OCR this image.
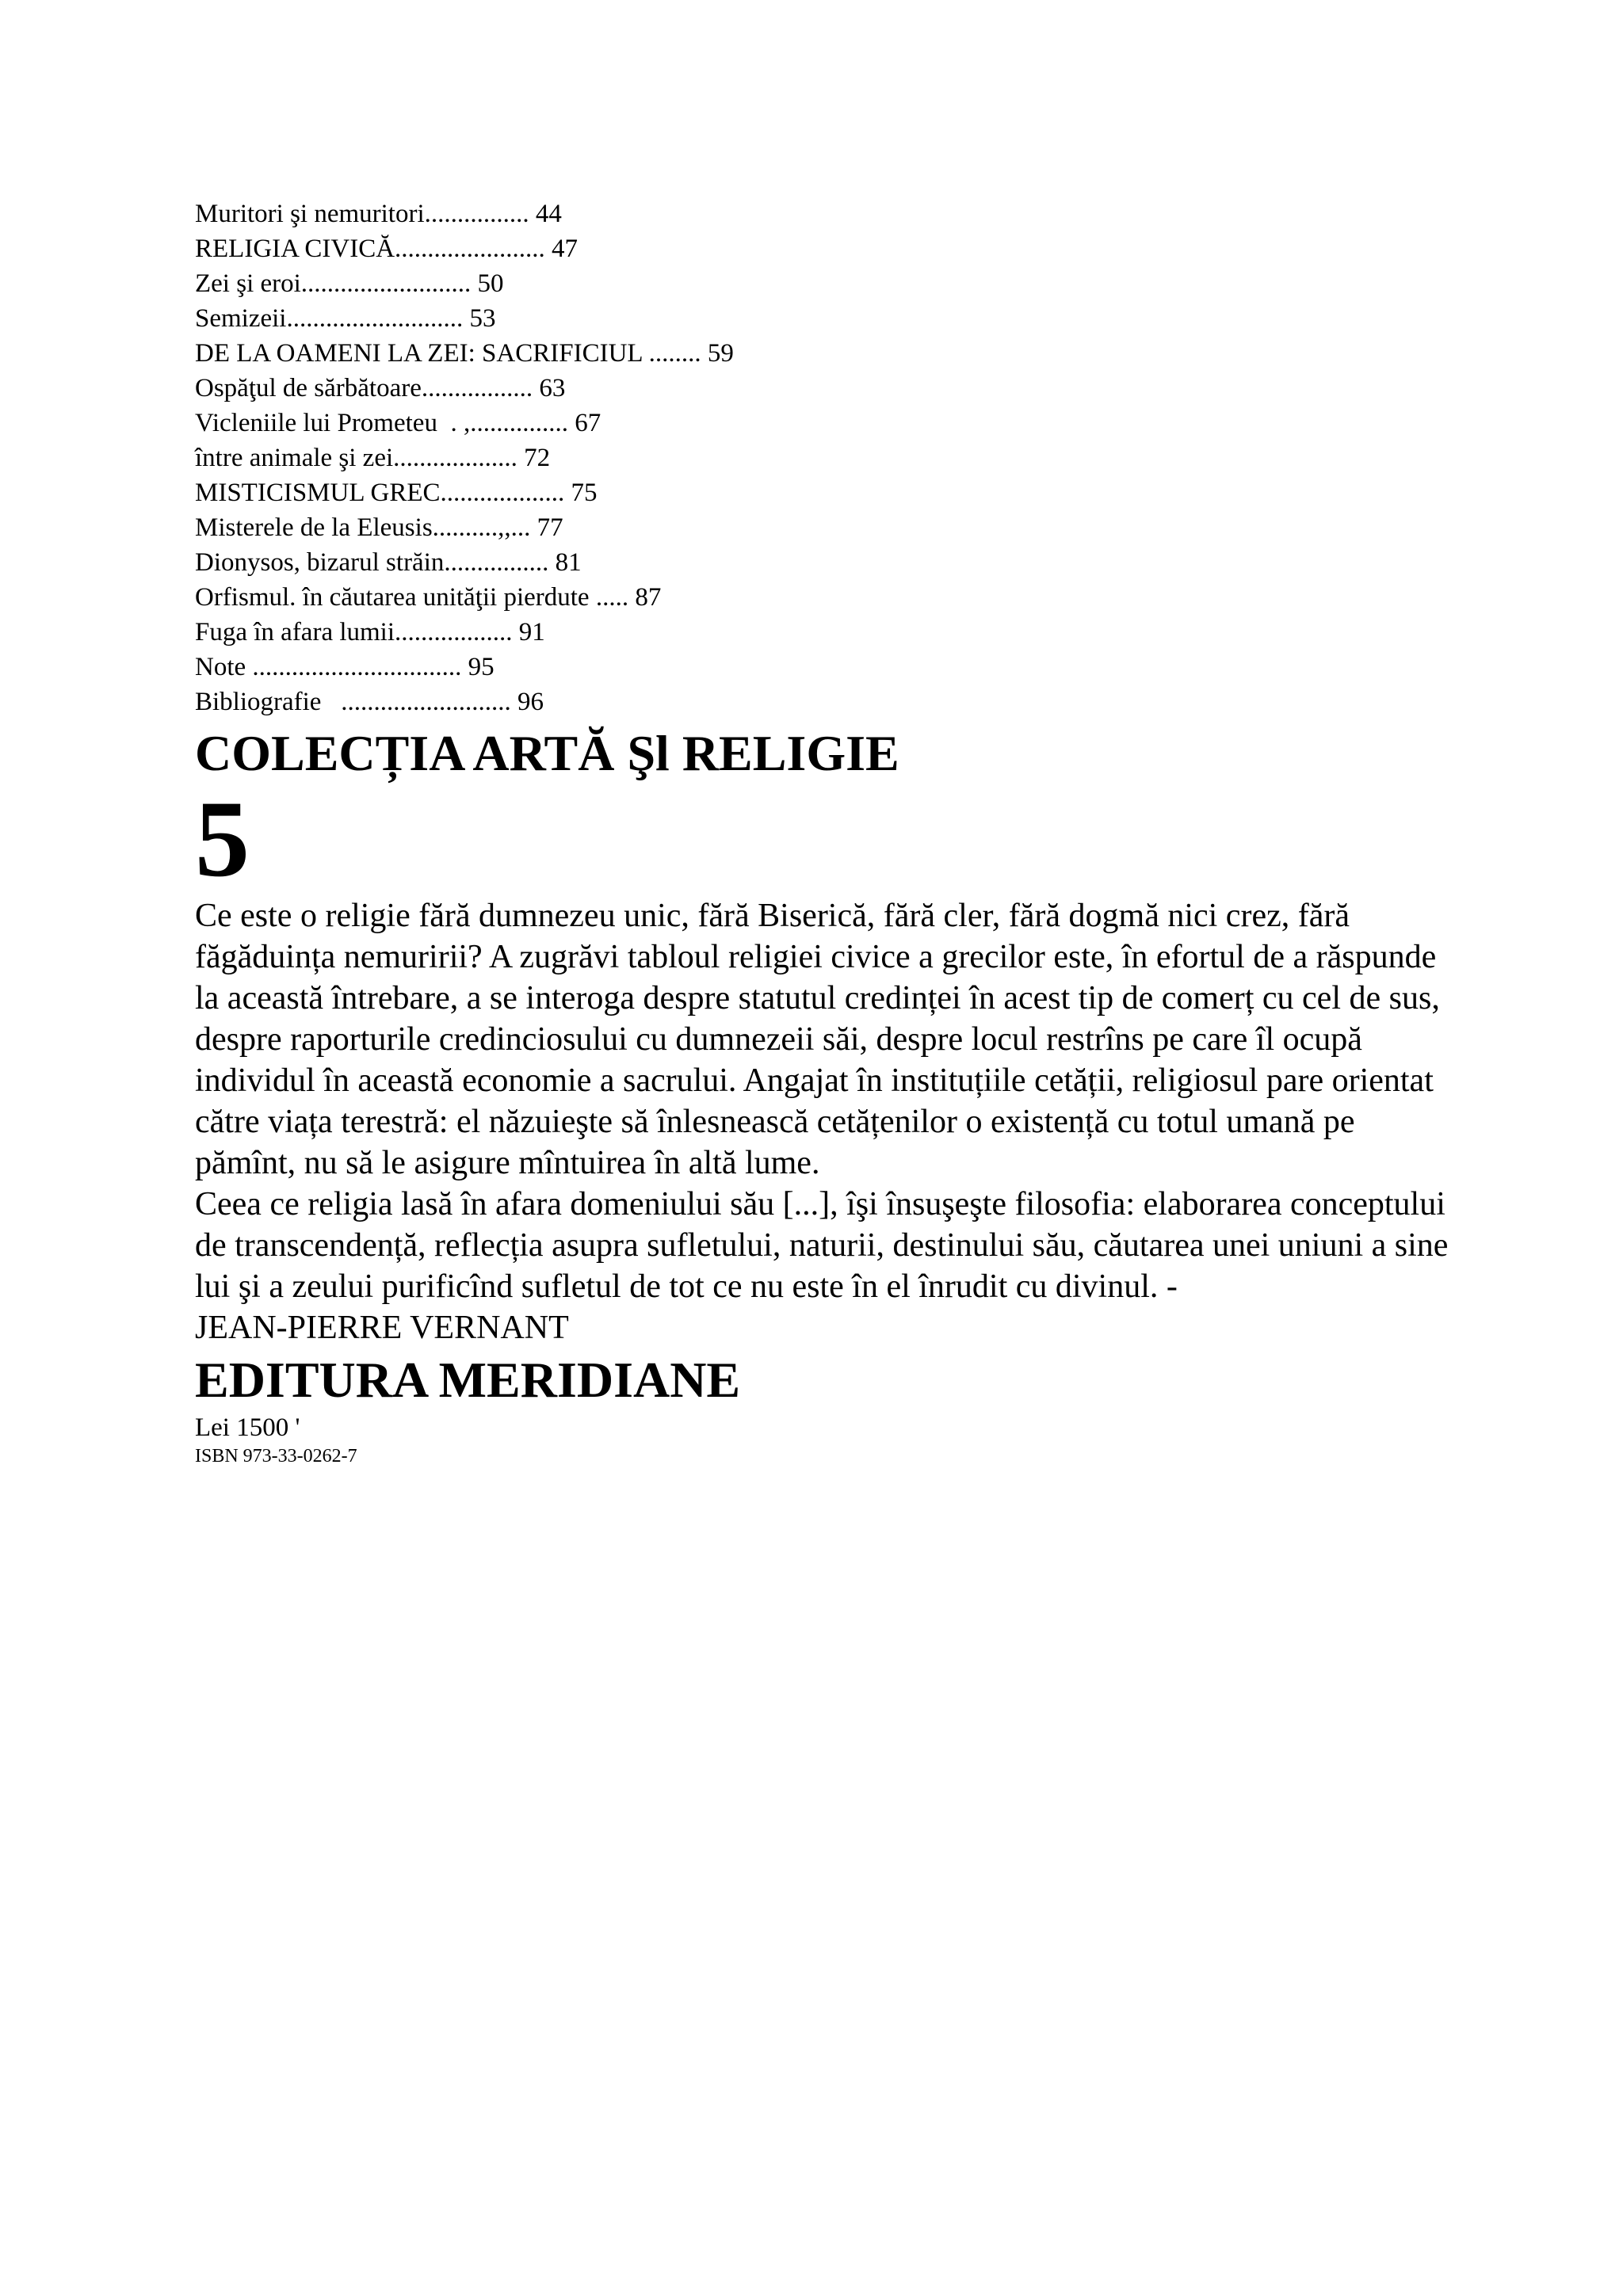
Muritori şi nemuritori................ 44

RELIGIA CIVICĂ....................... 47

Zei şi eroi.......................... 50

Semizeii........................... 53

DE LA OAMENI LA ZEI: SACRIFICIUL ........ 59

Ospăţul de sărbătoare................. 63

Vicleniile lui Prometeu  . ,............... 67

între animale şi zei................... 72

MISTICISMUL GREC................... 75

Misterele de la Eleusis..........,,... 77

Dionysos, bizarul străin................ 81

Orfismul. în căutarea unităţii pierdute ..... 87

Fuga în afara lumii.................. 91

Note ................................ 95

Bibliografie   .......................... 96

COLECȚIA ARTĂ Şl RELIGIE
5

Ce este o religie fără dumnezeu unic, fără Biserică, fără cler, fără dogmă nici crez, fără făgăduința nemuririi? A zugrăvi tabloul religiei civice a grecilor este, în efortul de a răspunde la această întrebare, a se interoga despre statutul credinței în acest tip de comerț cu cel de sus, despre raporturile credinciosului cu dumnezeii săi, despre locul restrîns pe care îl ocupă individul în această economie a sacrului. Angajat în instituțiile cetății, religiosul pare orientat către viața terestră: el năzuieşte să înlesnească cetățenilor o existență cu totul umană pe pămînt, nu să le asigure mîntuirea în altă lume.

Ceea ce religia lasă în afara domeniului său [...], îşi însuşeşte filosofia: elaborarea conceptului de transcendență, reflecția asupra sufletului, naturii, destinului său, căutarea unei uniuni a sine lui şi a zeului purificînd sufletul de tot ce nu este în el înrudit cu divinul. -

JEAN-PIERRE VERNANT

EDITURA MERIDIANE

Lei 1500 '

ISBN 973-33-0262-7
